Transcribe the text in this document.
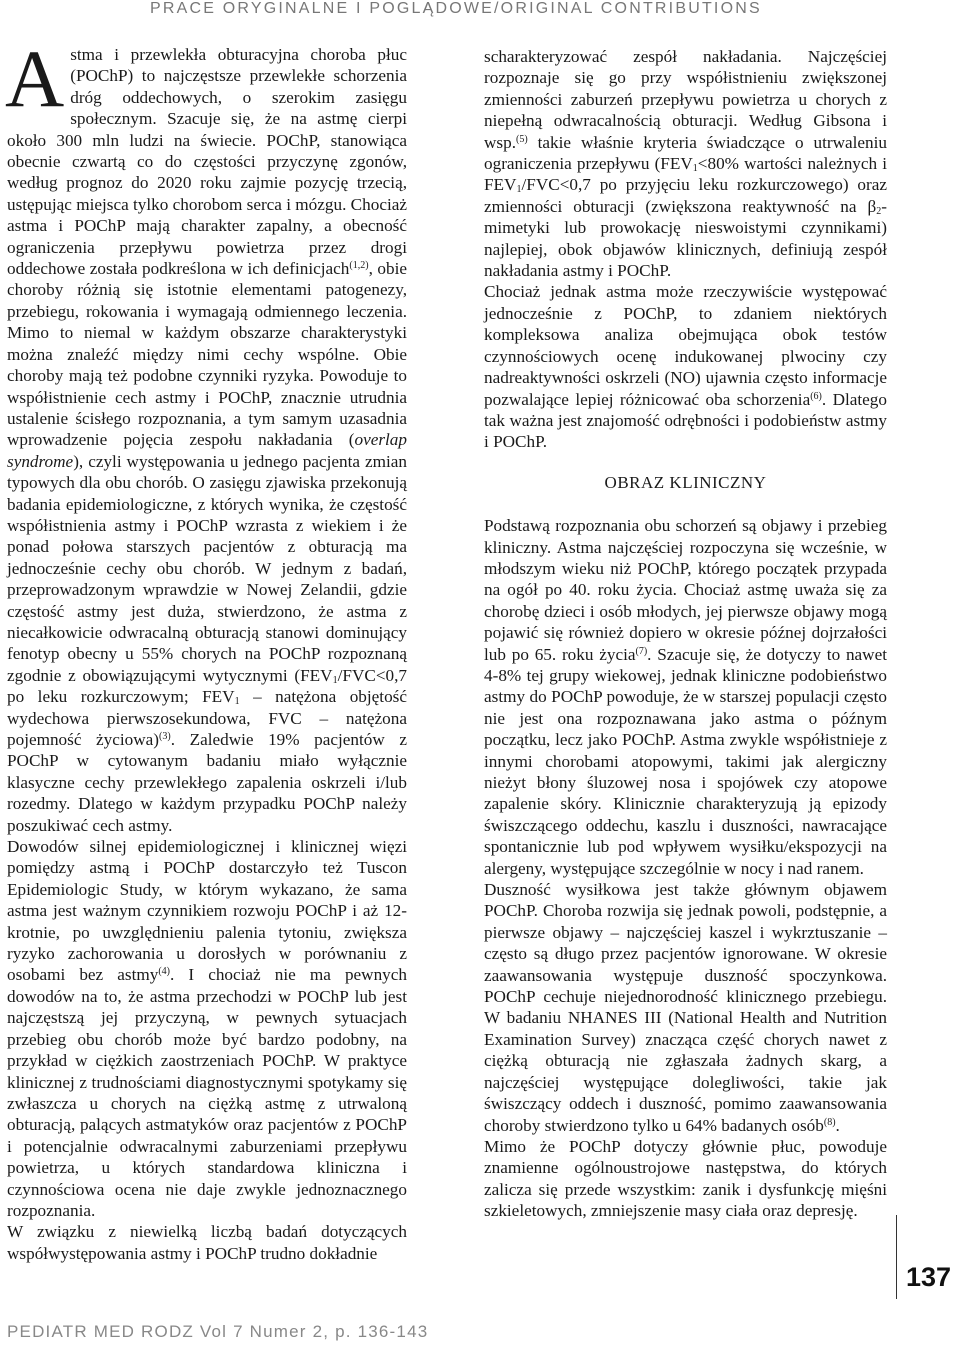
PRACE ORYGINALNE I POGLĄDOWE/ORIGINAL CONTRIBUTIONS

Astma i przewlekła obturacyjna choroba płuc (POChP) to najczęstsze przewlekłe schorzenia dróg oddechowych, o szerokim zasięgu społecznym. Szacuje się, że na astmę cierpi około 300 mln ludzi na świecie. POChP, stanowiąca obecnie czwartą co do częstości przyczynę zgonów, według prognoz do 2020 roku zajmie pozycję trzecią, ustępując miejsca tylko chorobom serca i mózgu. Chociaż astma i POChP mają charakter zapalny, a obecność ograniczenia przepływu powietrza przez drogi oddechowe została podkreślona w ich definicjach$^{(1,2)}$, obie choroby różnią się istotnie elementami patogenezy, przebiegu, rokowania i wymagają odmiennego leczenia. Mimo to niemal w każdym obszarze charakterystyki można znaleźć między nimi cechy wspólne. Obie choroby mają też podobne czynniki ryzyka. Powoduje to współistnienie cech astmy i POChP, znacznie utrudnia ustalenie ścisłego rozpoznania, a tym samym uzasadnia wprowadzenie pojęcia zespołu nakładania (overlap syndrome), czyli występowania u jednego pacjenta zmian typowych dla obu chorób. O zasięgu zjawiska przekonują badania epidemiologiczne, z których wynika, że częstość współistnienia astmy i POChP wzrasta z wiekiem i że ponad połowa starszych pacjentów z obturacją ma jednocześnie cechy obu chorób. W jednym z badań, przeprowadzonym wprawdzie w Nowej Zelandii, gdzie częstość astmy jest duża, stwierdzono, że astma z niecałkowicie odwracalną obturacją stanowi dominujący fenotyp obecny u 55% chorych na POChP rozpoznaną zgodnie z obowiązującymi wytycznymi ($FEV_1/FVC<0,7$ po leku rozkurczowym; $FEV_1$ – natężona objętość wydechowa pierwszosekundowa, FVC – natężona pojemność życiowa)$^{(3)}$. Zaledwie 19% pacjentów z POChP w cytowanym badaniu miało wyłącznie klasyczne cechy przewlekłego zapalenia oskrzeli i/lub rozedmy. Dlatego w każdym przypadku POChP należy poszukiwać cech astmy.

Dowodów silnej epidemiologicznej i klinicznej więzi pomiędzy astmą i POChP dostarczyło też Tuscon Epidemiologic Study, w którym wykazano, że sama astma jest ważnym czynnikiem rozwoju POChP i aż 12-krotnie, po uwzględnieniu palenia tytoniu, zwiększa ryzyko zachorowania u dorosłych w porównaniu z osobami bez astmy$^{(4)}$. I chociaż nie ma pewnych dowodów na to, że astma przechodzi w POChP lub jest najczęstszą jej przyczyną, w pewnych sytuacjach przebieg obu chorób może być bardzo podobny, na przykład w ciężkich zaostrzeniach POChP. W praktyce klinicznej z trudnościami diagnostycznymi spotykamy się zwłaszcza u chorych na ciężką astmę z utrwaloną obturacją, palących astmatyków oraz pacjentów z POChP i potencjalnie odwracalnymi zaburzeniami przepływu powietrza, u których standardowa kliniczna i czynnościowa ocena nie daje zwykle jednoznacznego rozpoznania.

W związku z niewielką liczbą badań dotyczących współwystępowania astmy i POChP trudno dokładnie

scharakteryzować zespół nakładania. Najczęściej rozpoznaje się go przy współistnieniu zwiększonej zmienności zaburzeń przepływu powietrza u chorych z niepełną odwracalnością obturacji. Według Gibsona i wsp.$^{(5)}$ takie właśnie kryteria świadczące o utrwaleniu ograniczenia przepływu ($FEV_1<80\%$ wartości należnych i $FEV_1/FVC<0,7$ po przyjęciu leku rozkurczowego) oraz zmienności obturacji (zwiększona reaktywność na $\beta_2$-mimetyki lub prowokację nieswoistymi czynnikami) najlepiej, obok objawów klinicznych, definiują zespół nakładania astmy i POChP.

Chociaż jednak astma może rzeczywiście występować jednocześnie z POChP, to zdaniem niektórych kompleksowa analiza obejmująca obok testów czynnościowych ocenę indukowanej plwociny czy nadreaktywności oskrzeli (NO) ujawnia często informacje pozwalające lepiej różnicować oba schorzenia$^{(6)}$. Dlatego tak ważna jest znajomość odrębności i podobieństw astmy i POChP.

OBRAZ KLINICZNY

Podstawą rozpoznania obu schorzeń są objawy i przebieg kliniczny. Astma najczęściej rozpoczyna się wcześnie, w młodszym wieku niż POChP, którego początek przypada na ogół po 40. roku życia. Chociaż astmę uważa się za chorobę dzieci i osób młodych, jej pierwsze objawy mogą pojawić się również dopiero w okresie późnej dojrzałości lub po 65. roku życia$^{(7)}$. Szacuje się, że dotyczy to nawet 4-8% tej grupy wiekowej, jednak kliniczne podobieństwo astmy do POChP powoduje, że w starszej populacji często nie jest ona rozpoznawana jako astma o późnym początku, lecz jako POChP. Astma zwykle współistnieje z innymi chorobami atopowymi, takimi jak alergiczny nieżyt błony śluzowej nosa i spojówek czy atopowe zapalenie skóry. Klinicznie charakteryzują ją epizody świszczącego oddechu, kaszlu i duszności, nawracające spontanicznie lub pod wpływem wysiłku/ekspozycji na alergeny, występujące szczególnie w nocy i nad ranem.

Duszność wysiłkowa jest także głównym objawem POChP. Choroba rozwija się jednak powoli, podstępnie, a pierwsze objawy – najczęściej kaszel i wykrztuszanie – często są długo przez pacjentów ignorowane. W okresie zaawansowania występuje duszność spoczynkowa. POChP cechuje niejednorodność klinicznego przebiegu. W badaniu NHANES III (National Health and Nutrition Examination Survey) znacząca część chorych nawet z ciężką obturacją nie zgłaszała żadnych skarg, a najczęściej występujące dolegliwości, takie jak świszczący oddech i duszność, pomimo zaawansowania choroby stwierdzono tylko u 64% badanych osób$^{(8)}$.

Mimo że POChP dotyczy głównie płuc, powoduje znamienne ogólnoustrojowe następstwa, do których zalicza się przede wszystkim: zanik i dysfunkcję mięśni szkieletowych, zmniejszenie masy ciała oraz depresję.

137
PEDIATR MED RODZ Vol 7 Numer 2, p. 136-143
